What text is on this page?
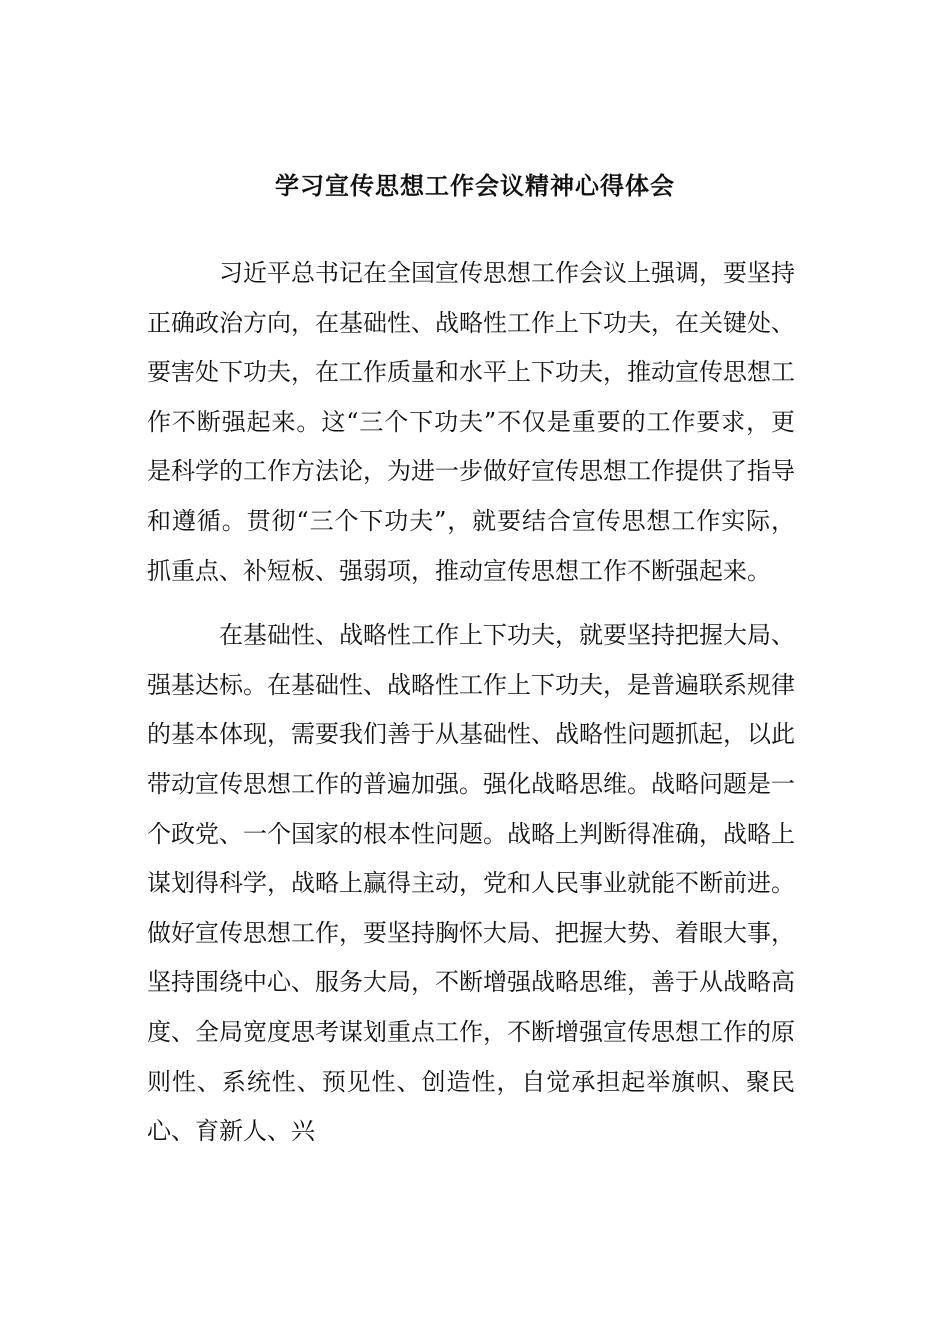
学习宣传思想工作会议精神心得体会

习近平总书记在全国宣传思想工作会议上强调，要坚持正确政治方向，在基础性、战略性工作上下功夫，在关键处、要害处下功夫，在工作质量和水平上下功夫，推动宣传思想工作不断强起来。这“三个下功夫”不仅是重要的工作要求，更是科学的工作方法论，为进一步做好宣传思想工作提供了指导和遵循。贯彻“三个下功夫”，就要结合宣传思想工作实际，抓重点、补短板、强弱项，推动宣传思想工作不断强起来。

在基础性、战略性工作上下功夫，就要坚持把握大局、强基达标。在基础性、战略性工作上下功夫，是普遍联系规律的基本体现，需要我们善于从基础性、战略性问题抓起，以此带动宣传思想工作的普遍加强。强化战略思维。战略问题是一个政党、一个国家的根本性问题。战略上判断得准确，战略上谋划得科学，战略上赢得主动，党和人民事业就能不断前进。做好宣传思想工作，要坚持胸怀大局、把握大势、着眼大事，坚持围绕中心、服务大局，不断增强战略思维，善于从战略高度、全局宽度思考谋划重点工作，不断增强宣传思想工作的原则性、系统性、预见性、创造性，自觉承担起举旗帜、聚民心、育新人、兴
